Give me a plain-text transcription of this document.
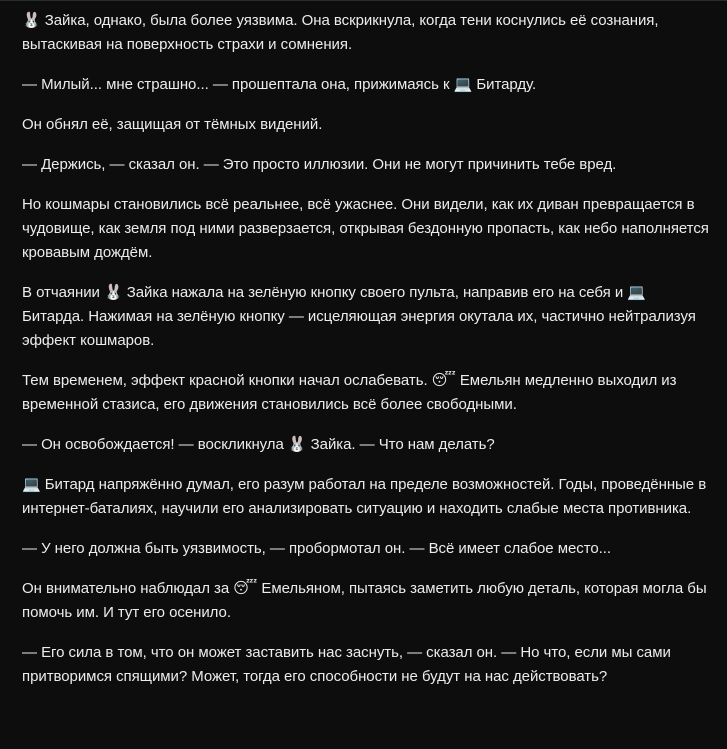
🐰 Зайка, однако, была более уязвима. Она вскрикнула, когда тени коснулись её сознания, вытаскивая на поверхность страхи и сомнения.

— Милый... мне страшно... — прошептала она, прижимаясь к 💻 Битарду.

Он обнял её, защищая от тёмных видений.

— Держись, — сказал он. — Это просто иллюзии. Они не могут причинить тебе вред.

Но кошмары становились всё реальнее, всё ужаснее. Они видели, как их диван превращается в чудовище, как земля под ними разверзается, открывая бездонную пропасть, как небо наполняется кровавым дождём.

В отчаянии 🐰 Зайка нажала на зелёную кнопку своего пульта, направив его на себя и 💻 Битарда. Нажимая на зелёную кнопку — исцеляющая энергия окутала их, частично нейтрализуя эффект кошмаров.

Тем временем, эффект красной кнопки начал ослабевать. 😴 Емельян медленно выходил из временной стазиса, его движения становились всё более свободными.

— Он освобождается! — воскликнула 🐰 Зайка. — Что нам делать?

💻 Битард напряжённо думал, его разум работал на пределе возможностей. Годы, проведённые в интернет-баталиях, научили его анализировать ситуацию и находить слабые места противника.

— У него должна быть уязвимость, — пробормотал он. — Всё имеет слабое место...

Он внимательно наблюдал за 😴 Емельяном, пытаясь заметить любую деталь, которая могла бы помочь им. И тут его осенило.

— Его сила в том, что он может заставить нас заснуть, — сказал он. — Но что, если мы сами притворимся спящими? Может, тогда его способности не будут на нас действовать?
